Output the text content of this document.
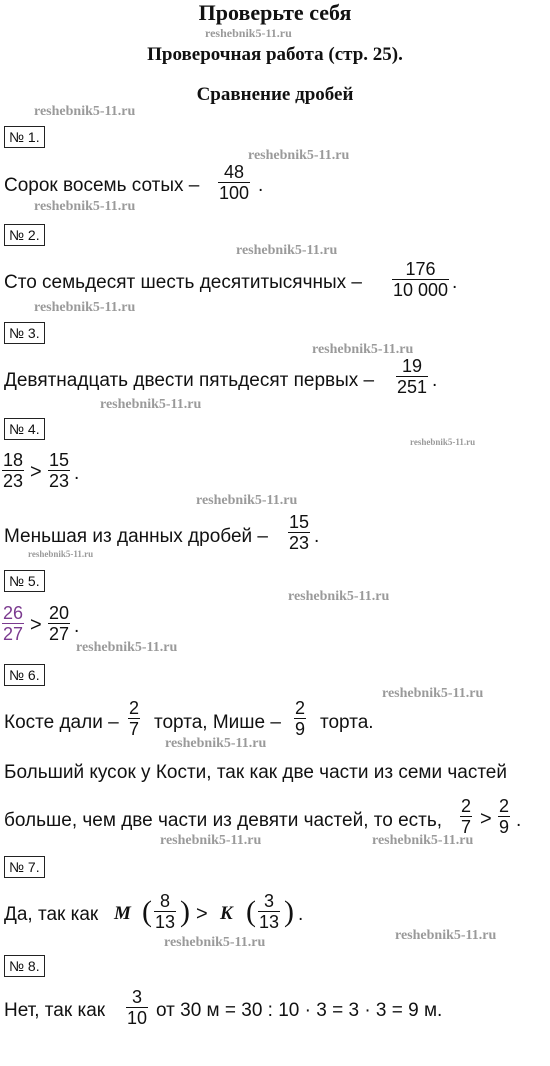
Проверьте себя
reshebnik5-11.ru
Проверочная работа (стр. 25).
Сравнение дробей
reshebnik5-11.ru
reshebnik5-11.ru
reshebnik5-11.ru
reshebnik5-11.ru
reshebnik5-11.ru
reshebnik5-11.ru
reshebnik5-11.ru
reshebnik5-11.ru
reshebnik5-11.ru
reshebnik5-11.ru
reshebnik5-11.ru
reshebnik5-11.ru
reshebnik5-11.ru
reshebnik5-11.ru
reshebnik5-11.ru	reshebnik5-11.ru
reshebnik5-11.ru
reshebnik5-11.ru
№ 1.
Сорок восемь сотых –
48
100 .
№ 2.
Сто семьдесят шесть десятитысячных –
176
10 000 .
№ 3.
Девятнадцать двести пятьдесят первых –
19
251 .
№ 4.
18
23 >
15
23 .
Меньшая из данных дробей –
15
23 .
№ 5.
26
27 >
20
27 .
№ 6.
Косте дали –
2
7 торта, Мише –
2
9 торта.
Больший кусок у Кости, так как две части из семи частей
больше, чем две части из девяти частей, то есть,
2
7 >
2
9 .
№ 7.
Да, так как M ( 8
13 ) > K ( 3
13 ) .
№ 8.
Нет, так как
3
10 от 30 м = 30 : 10 · 3 = 3 · 3 = 9 м.
